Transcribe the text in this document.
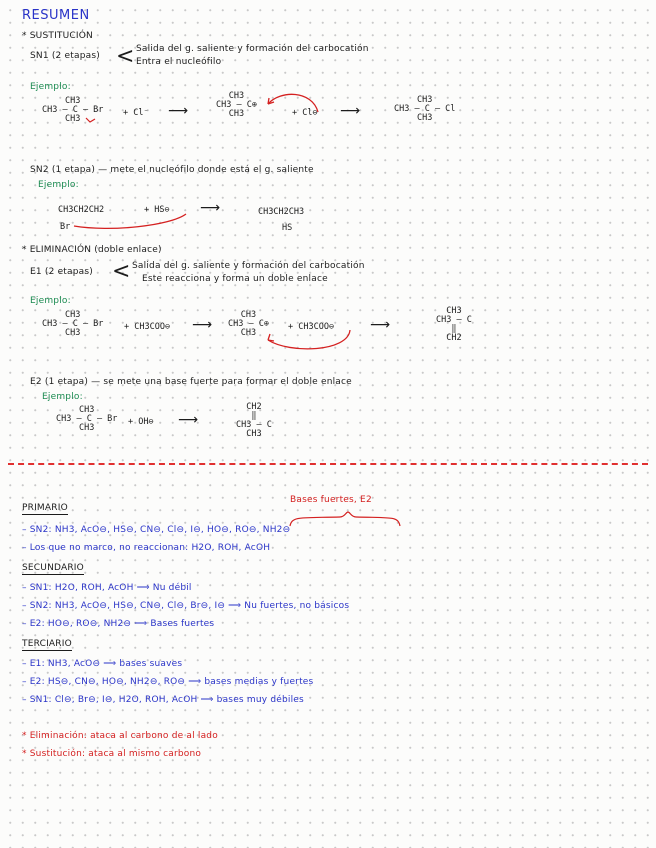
RESUMEN
* SUSTITUCIÓN
SN1 (2 etapas) < Salida del g. saliente y formación del carbocatión
Entra el nucleófilo
Ejemplo:
CH3
CH3 – C – Br
CH3
+ Cl⁻ ⟶
CH3
CH3 – C⊕
CH3	+ Cl⊖ ⟶
CH3
CH3 – C – Cl
CH3
SN2 (1 etapa) — mete el nucleófilo donde está el g. saliente
Ejemplo:
CH3CH2CH2
Br
+ HS⊖ ⟶	CH3CH2CH3
HS
* ELIMINACIÓN (doble enlace)
E1 (2 etapas) < Salida del g. saliente y formación del carbocatión
Este reacciona y forma un doble enlace
Ejemplo:
CH3
CH3 – C – Br
CH3
+ CH3COO⊖ ⟶
CH3
CH3 – C⊕
CH3
+ CH3COO⊖	⟶
CH3
CH3 – C
‖
CH2
E2 (1 etapa) — se mete una base fuerte para formar el doble enlace
Ejemplo:
CH3
CH3 – C – Br
CH3
+ OH⊖ ⟶
CH2
‖
CH3 – C
CH3
Bases fuertes, E2
PRIMARIO
– SN2: NH3, AcO⊖, HS⊖, CN⊖, Cl⊖, I⊖, HO⊖, RO⊖, NH2⊖
– Los que no marco, no reaccionan: H2O, ROH, AcOH
SECUNDARIO
– SN1: H2O, ROH, AcOH ⟹ Nu débil
– SN2: NH3, AcO⊖, HS⊖, CN⊖, Cl⊖, Br⊖, I⊖ ⟹ Nu fuertes, no básicos
– E2: HO⊖, RO⊖, NH2⊖ ⟹ Bases fuertes
TERCIARIO
– E1: NH3, AcO⊖ ⟹ bases suaves
– E2: HS⊖, CN⊖, HO⊖, NH2⊖, RO⊖ ⟹ bases medias y fuertes
– SN1: Cl⊖, Br⊖, I⊖, H2O, ROH, AcOH ⟹ bases muy débiles
* Eliminación: ataca al carbono de al lado
* Sustitución: ataca al mismo carbono
